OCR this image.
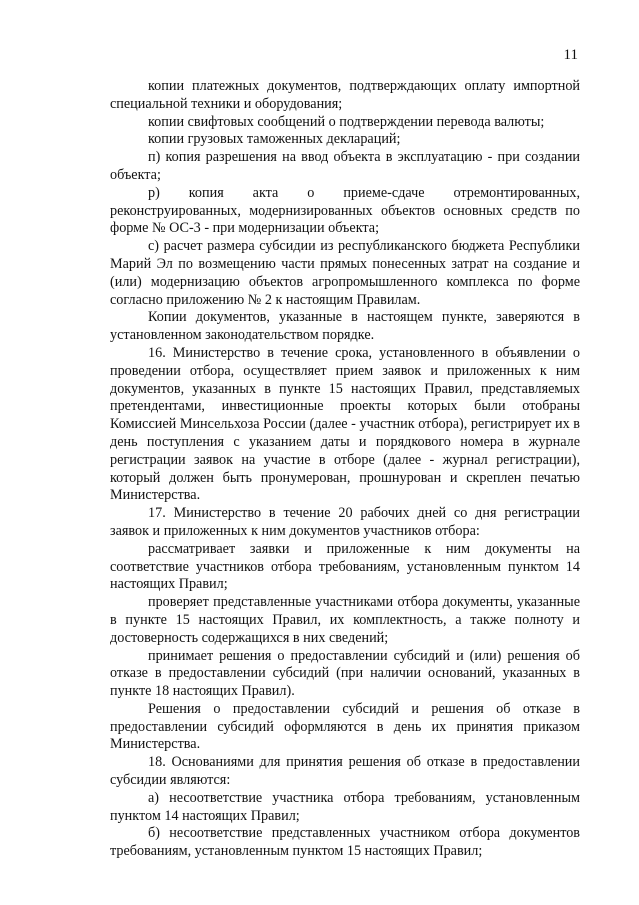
11

копии платежных документов, подтверждающих оплату импортной специальной техники и оборудования;

копии свифтовых сообщений о подтверждении перевода валюты;

копии грузовых таможенных деклараций;

п) копия разрешения на ввод объекта в эксплуатацию - при создании объекта;

р) копия акта о приеме-сдаче отремонтированных, реконструированных, модернизированных объектов основных средств по форме № ОС-3 - при модернизации объекта;

с) расчет размера субсидии из республиканского бюджета Республики Марий Эл по возмещению части прямых понесенных затрат на создание и (или) модернизацию объектов агропромышленного комплекса по форме согласно приложению № 2 к настоящим Правилам.

Копии документов, указанные в настоящем пункте, заверяются в установленном законодательством порядке.

16. Министерство в течение срока, установленного в объявлении о проведении отбора, осуществляет прием заявок и приложенных к ним документов, указанных в пункте 15 настоящих Правил, представляемых претендентами, инвестиционные проекты которых были отобраны Комиссией Минсельхоза России (далее - участник отбора), регистрирует их в день поступления с указанием даты и порядкового номера в журнале регистрации заявок на участие в отборе (далее - журнал регистрации), который должен быть пронумерован, прошнурован и скреплен печатью Министерства.

17. Министерство в течение 20 рабочих дней со дня регистрации заявок и приложенных к ним документов участников отбора:

рассматривает заявки и приложенные к ним документы на соответствие участников отбора требованиям, установленным пунктом 14 настоящих Правил;

проверяет представленные участниками отбора документы, указанные в пункте 15 настоящих Правил, их комплектность, а также полноту и достоверность содержащихся в них сведений;

принимает решения о предоставлении субсидий и (или) решения об отказе в предоставлении субсидий (при наличии оснований, указанных в пункте 18 настоящих Правил).

Решения о предоставлении субсидий и решения об отказе в предоставлении субсидий оформляются в день их принятия приказом Министерства.

18. Основаниями для принятия решения об отказе в предоставлении субсидии являются:

а) несоответствие участника отбора требованиям, установленным пунктом 14 настоящих Правил;

б) несоответствие представленных участником отбора документов требованиям, установленным пунктом 15 настоящих Правил;
